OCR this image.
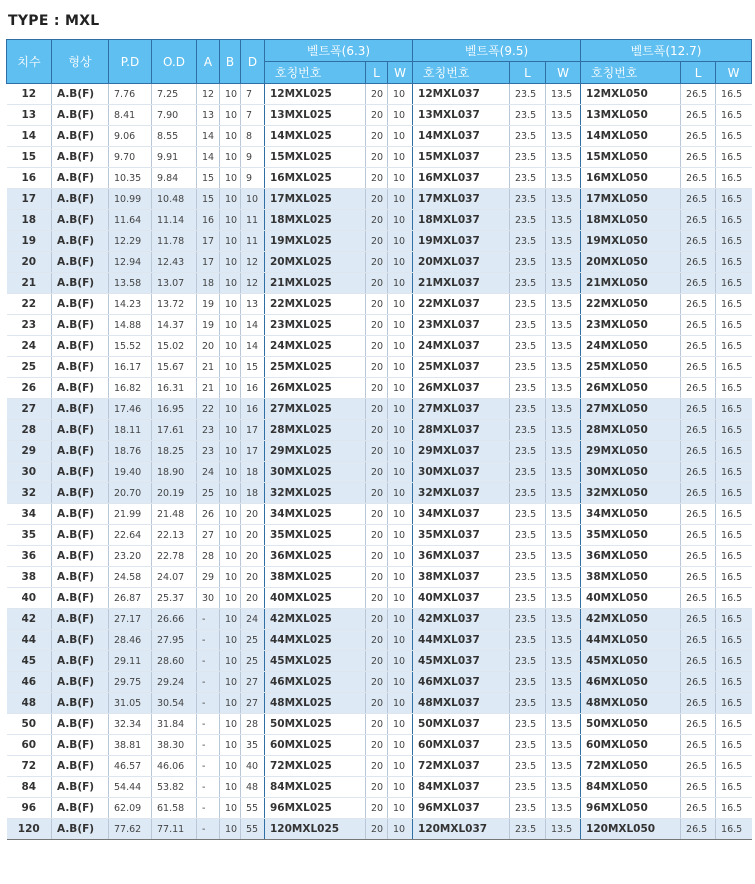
TYPE : MXL
치수	형상	P.D	O.D	A	B	D	벨트폭(6.3)			벨트폭(9.5)			벨트폭(12.7)		
							호칭번호	L	W	호칭번호	L	W	호칭번호	L	W
12	A.B(F)	7.76	7.25	12	10	7	12MXL025	20	10	12MXL037	23.5	13.5	12MXL050	26.5	16.5
13	A.B(F)	8.41	7.90	13	10	7	13MXL025	20	10	13MXL037	23.5	13.5	13MXL050	26.5	16.5
14	A.B(F)	9.06	8.55	14	10	8	14MXL025	20	10	14MXL037	23.5	13.5	14MXL050	26.5	16.5
15	A.B(F)	9.70	9.91	14	10	9	15MXL025	20	10	15MXL037	23.5	13.5	15MXL050	26.5	16.5
16	A.B(F)	10.35	9.84	15	10	9	16MXL025	20	10	16MXL037	23.5	13.5	16MXL050	26.5	16.5
17	A.B(F)	10.99	10.48	15	10	10	17MXL025	20	10	17MXL037	23.5	13.5	17MXL050	26.5	16.5
18	A.B(F)	11.64	11.14	16	10	11	18MXL025	20	10	18MXL037	23.5	13.5	18MXL050	26.5	16.5
19	A.B(F)	12.29	11.78	17	10	11	19MXL025	20	10	19MXL037	23.5	13.5	19MXL050	26.5	16.5
20	A.B(F)	12.94	12.43	17	10	12	20MXL025	20	10	20MXL037	23.5	13.5	20MXL050	26.5	16.5
21	A.B(F)	13.58	13.07	18	10	12	21MXL025	20	10	21MXL037	23.5	13.5	21MXL050	26.5	16.5
22	A.B(F)	14.23	13.72	19	10	13	22MXL025	20	10	22MXL037	23.5	13.5	22MXL050	26.5	16.5
23	A.B(F)	14.88	14.37	19	10	14	23MXL025	20	10	23MXL037	23.5	13.5	23MXL050	26.5	16.5
24	A.B(F)	15.52	15.02	20	10	14	24MXL025	20	10	24MXL037	23.5	13.5	24MXL050	26.5	16.5
25	A.B(F)	16.17	15.67	21	10	15	25MXL025	20	10	25MXL037	23.5	13.5	25MXL050	26.5	16.5
26	A.B(F)	16.82	16.31	21	10	16	26MXL025	20	10	26MXL037	23.5	13.5	26MXL050	26.5	16.5
27	A.B(F)	17.46	16.95	22	10	16	27MXL025	20	10	27MXL037	23.5	13.5	27MXL050	26.5	16.5
28	A.B(F)	18.11	17.61	23	10	17	28MXL025	20	10	28MXL037	23.5	13.5	28MXL050	26.5	16.5
29	A.B(F)	18.76	18.25	23	10	17	29MXL025	20	10	29MXL037	23.5	13.5	29MXL050	26.5	16.5
30	A.B(F)	19.40	18.90	24	10	18	30MXL025	20	10	30MXL037	23.5	13.5	30MXL050	26.5	16.5
32	A.B(F)	20.70	20.19	25	10	18	32MXL025	20	10	32MXL037	23.5	13.5	32MXL050	26.5	16.5
34	A.B(F)	21.99	21.48	26	10	20	34MXL025	20	10	34MXL037	23.5	13.5	34MXL050	26.5	16.5
35	A.B(F)	22.64	22.13	27	10	20	35MXL025	20	10	35MXL037	23.5	13.5	35MXL050	26.5	16.5
36	A.B(F)	23.20	22.78	28	10	20	36MXL025	20	10	36MXL037	23.5	13.5	36MXL050	26.5	16.5
38	A.B(F)	24.58	24.07	29	10	20	38MXL025	20	10	38MXL037	23.5	13.5	38MXL050	26.5	16.5
40	A.B(F)	26.87	25.37	30	10	20	40MXL025	20	10	40MXL037	23.5	13.5	40MXL050	26.5	16.5
42	A.B(F)	27.17	26.66	-	10	24	42MXL025	20	10	42MXL037	23.5	13.5	42MXL050	26.5	16.5
44	A.B(F)	28.46	27.95	-	10	25	44MXL025	20	10	44MXL037	23.5	13.5	44MXL050	26.5	16.5
45	A.B(F)	29.11	28.60	-	10	25	45MXL025	20	10	45MXL037	23.5	13.5	45MXL050	26.5	16.5
46	A.B(F)	29.75	29.24	-	10	27	46MXL025	20	10	46MXL037	23.5	13.5	46MXL050	26.5	16.5
48	A.B(F)	31.05	30.54	-	10	27	48MXL025	20	10	48MXL037	23.5	13.5	48MXL050	26.5	16.5
50	A.B(F)	32.34	31.84	-	10	28	50MXL025	20	10	50MXL037	23.5	13.5	50MXL050	26.5	16.5
60	A.B(F)	38.81	38.30	-	10	35	60MXL025	20	10	60MXL037	23.5	13.5	60MXL050	26.5	16.5
72	A.B(F)	46.57	46.06	-	10	40	72MXL025	20	10	72MXL037	23.5	13.5	72MXL050	26.5	16.5
84	A.B(F)	54.44	53.82	-	10	48	84MXL025	20	10	84MXL037	23.5	13.5	84MXL050	26.5	16.5
96	A.B(F)	62.09	61.58	-	10	55	96MXL025	20	10	96MXL037	23.5	13.5	96MXL050	26.5	16.5
120	A.B(F)	77.62	77.11	-	10	55	120MXL025	20	10	120MXL037	23.5	13.5	120MXL050	26.5	16.5
